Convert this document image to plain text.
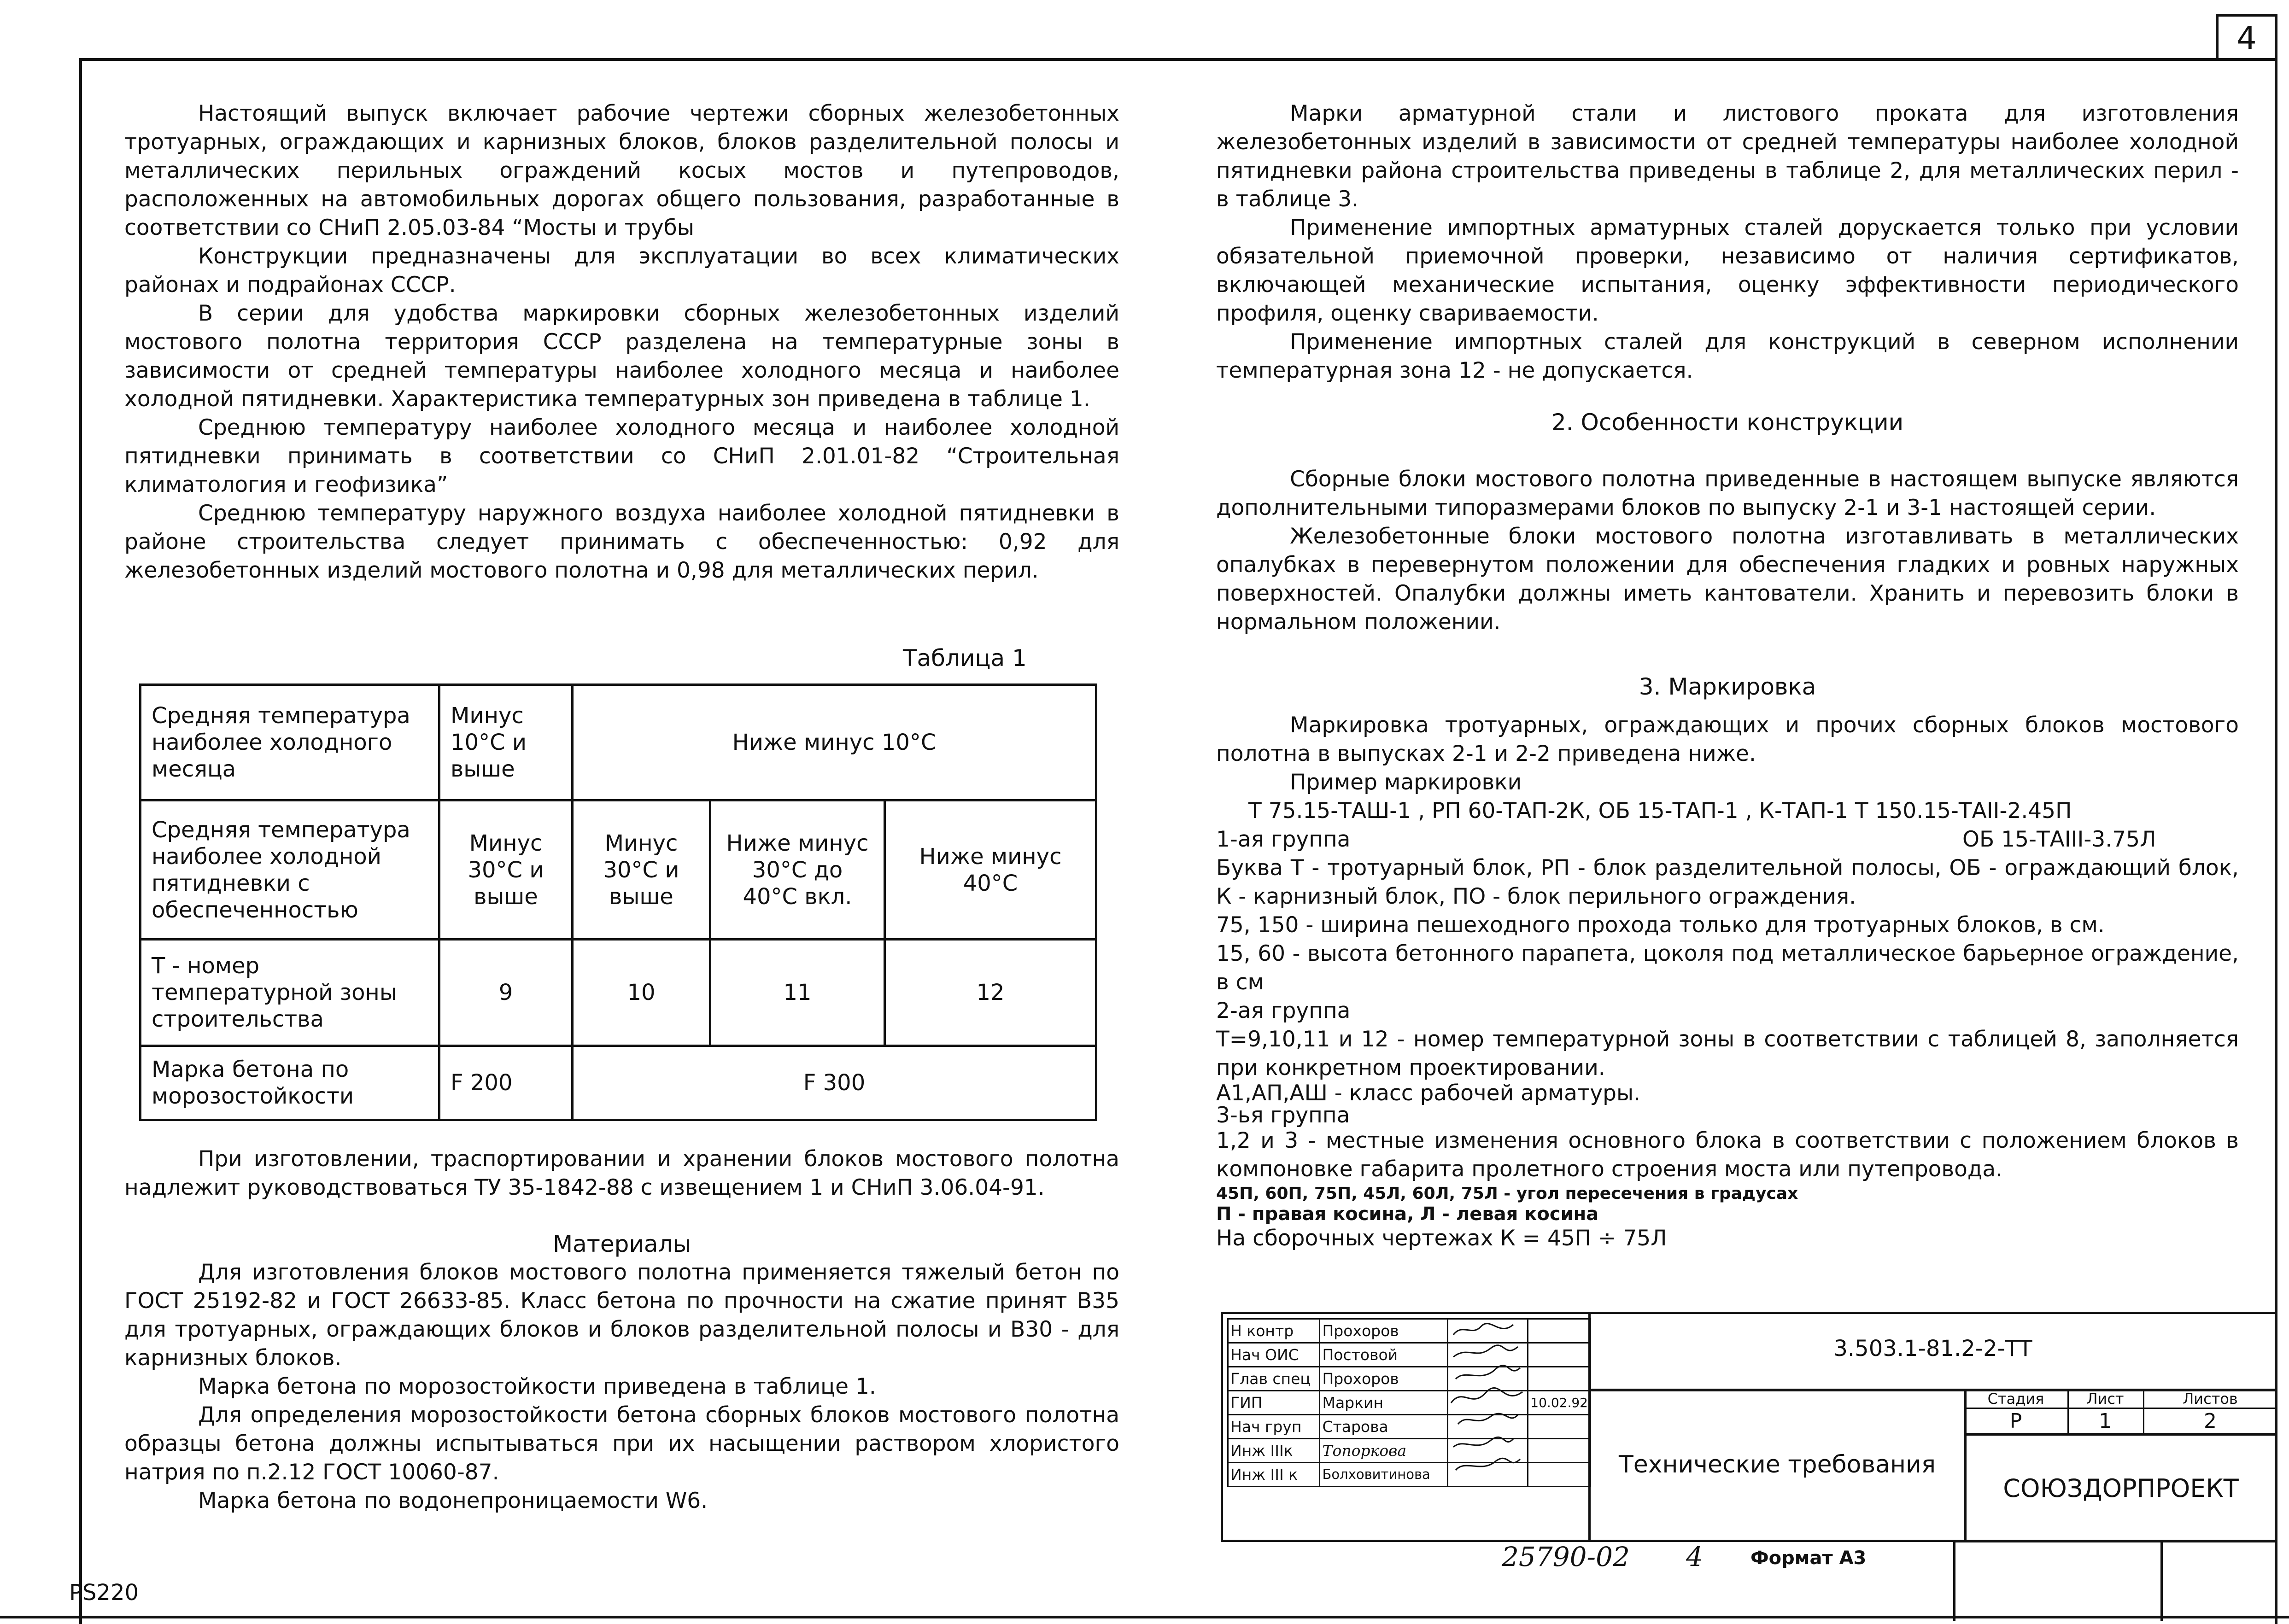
4

Настоящий выпуск включает рабочие чертежи сборных железобетонных тротуарных, ограждающих и карнизных блоков, блоков разделительной полосы и металлических перильных ограждений косых мостов и путепроводов, расположенных на автомобильных дорогах общего пользования, разработанные в соответствии со СНиП 2.05.03-84 “Мосты и трубы

Конструкции предназначены для эксплуатации во всех климатических районах и подрайонах СССР.

В серии для удобства маркировки сборных железобетонных изделий мостового полотна территория СССР разделена на температурные зоны в зависимости от средней температуры наиболее холодного месяца и наиболее холодной пятидневки. Характеристика температурных зон приведена в таблице 1.

Среднюю температуру наиболее холодного месяца и наиболее холодной пятидневки принимать в соответствии со СНиП 2.01.01-82 “Строительная климатология и геофизика”

Среднюю температуру наружного воздуха наиболее холодной пятидневки в районе строительства следует принимать с обеспеченностью: 0,92 для железобетонных изделий мостового полотна и 0,98 для металлических перил.

Таблица 1
Средняя температура наиболее холодного месяца	Минус 10°C и выше	Ниже минус 10°C		
Средняя температура наиболее холодной пятидневки с обеспеченностью	Минус 30°C и выше	Минус 30°C и выше	Ниже минус 30°C до 40°C вкл.	Ниже минус 40°C
Т - номер температурной зоны строительства	9	10	11	12
Марка бетона по морозостойкости	F 200	F 300		

При изготовлении, траспортировании и хранении блоков мостового полотна надлежит руководствоваться ТУ 35-1842-88 с извещением 1 и СНиП 3.06.04-91.

Материалы

Для изготовления блоков мостового полотна применяется тяжелый бетон по ГОСТ 25192-82 и ГОСТ 26633-85. Класс бетона по прочности на сжатие принят В35 для тротуарных, ограждающих блоков и блоков разделительной полосы и В30 - для карнизных блоков.

Марка бетона по морозостойкости приведена в таблице 1.

Для определения морозостойкости бетона сборных блоков мостового полотна образцы бетона должны испытываться при их насыщении раствором хлористого натрия по п.2.12 ГОСТ 10060-87.

Марка бетона по водонепроницаемости W6.

Марки арматурной стали и листового проката для изготовления железобетонных изделий в зависимости от средней температуры наиболее холодной пятидневки района строительства приведены в таблице 2, для металлических перил - в таблице 3.

Применение импортных арматурных сталей доруcкается только при условии обязательной приемочной проверки, независимо от наличия сертификатов, включающей механические испытания, оценку эффективности периодического профиля, оценку свариваемости.

Применение импортных сталей для конструкций в северном исполнении температурная зона 12 - не допускается.

2. Особенности конструкции

Сборные блоки мостового полотна приведенные в настоящем выпуске являются дополнительными типоразмерами блоков по выпуску 2-1 и 3-1 настоящей серии.

Железобетонные блоки мостового полотна изготавливать в металлических опалубках в перевернутом положении для обеспечения гладких и ровных наружных поверхностей. Опалубки должны иметь кантователи. Хранить и перевозить блоки в нормальном положении.

3. Маркировка

Маркировка тротуарных, ограждающих и прочих сборных блоков мостового полотна в выпусках 2-1 и 2-2 приведена ниже.

Пример маркировки

Т 75.15-ТАШ-1 , РП 60-ТАП-2К, ОБ 15-ТАП-1 , К-ТАП-1 Т 150.15-ТАII-2.45П

1-ая группа	ОБ 15-ТАIII-3.75Л

Буква Т - тротуарный блок, РП - блок разделительной полосы, ОБ - ограждающий блок, К - карнизный блок, ПО - блок перильного ограждения.

75, 150 - ширина пешеходного прохода только для тротуарных блоков, в см.

15, 60 - высота бетонного парапета, цоколя под металлическое барьерное ограждение, в см

2-ая группа

Т=9,10,11 и 12 - номер температурной зоны в соответствии с таблицей 8, заполняется при конкретном проектировании.

А1,АП,АШ - класс рабочей арматуры.

3-ья группа

1,2 и 3 - местные изменения основного блока в соответствии с положением блоков в компоновке габарита пролетного строения моста или путепровода.

45П, 60П, 75П, 45Л, 60Л, 75Л - угол пересечения в градусах

П - правая косина, Л - левая косина

На сборочных чертежах К = 45П ÷ 75Л

Н контр	Прохоров		
Нач ОИС	Постовой		
Глав спец	Прохоров		
ГИП	Маркин		10.02.92
Нач груп	Старова		
Инж IIIк	Топоркова		
Инж III к	Болховитинова		
3.503.1-81.2-2-ТТ
Технические требования
Стадия	Лист	Листов
Р	1	2
СОЮЗДОРПРОЕКТ
25790-02 4	Формат А3
PS220
